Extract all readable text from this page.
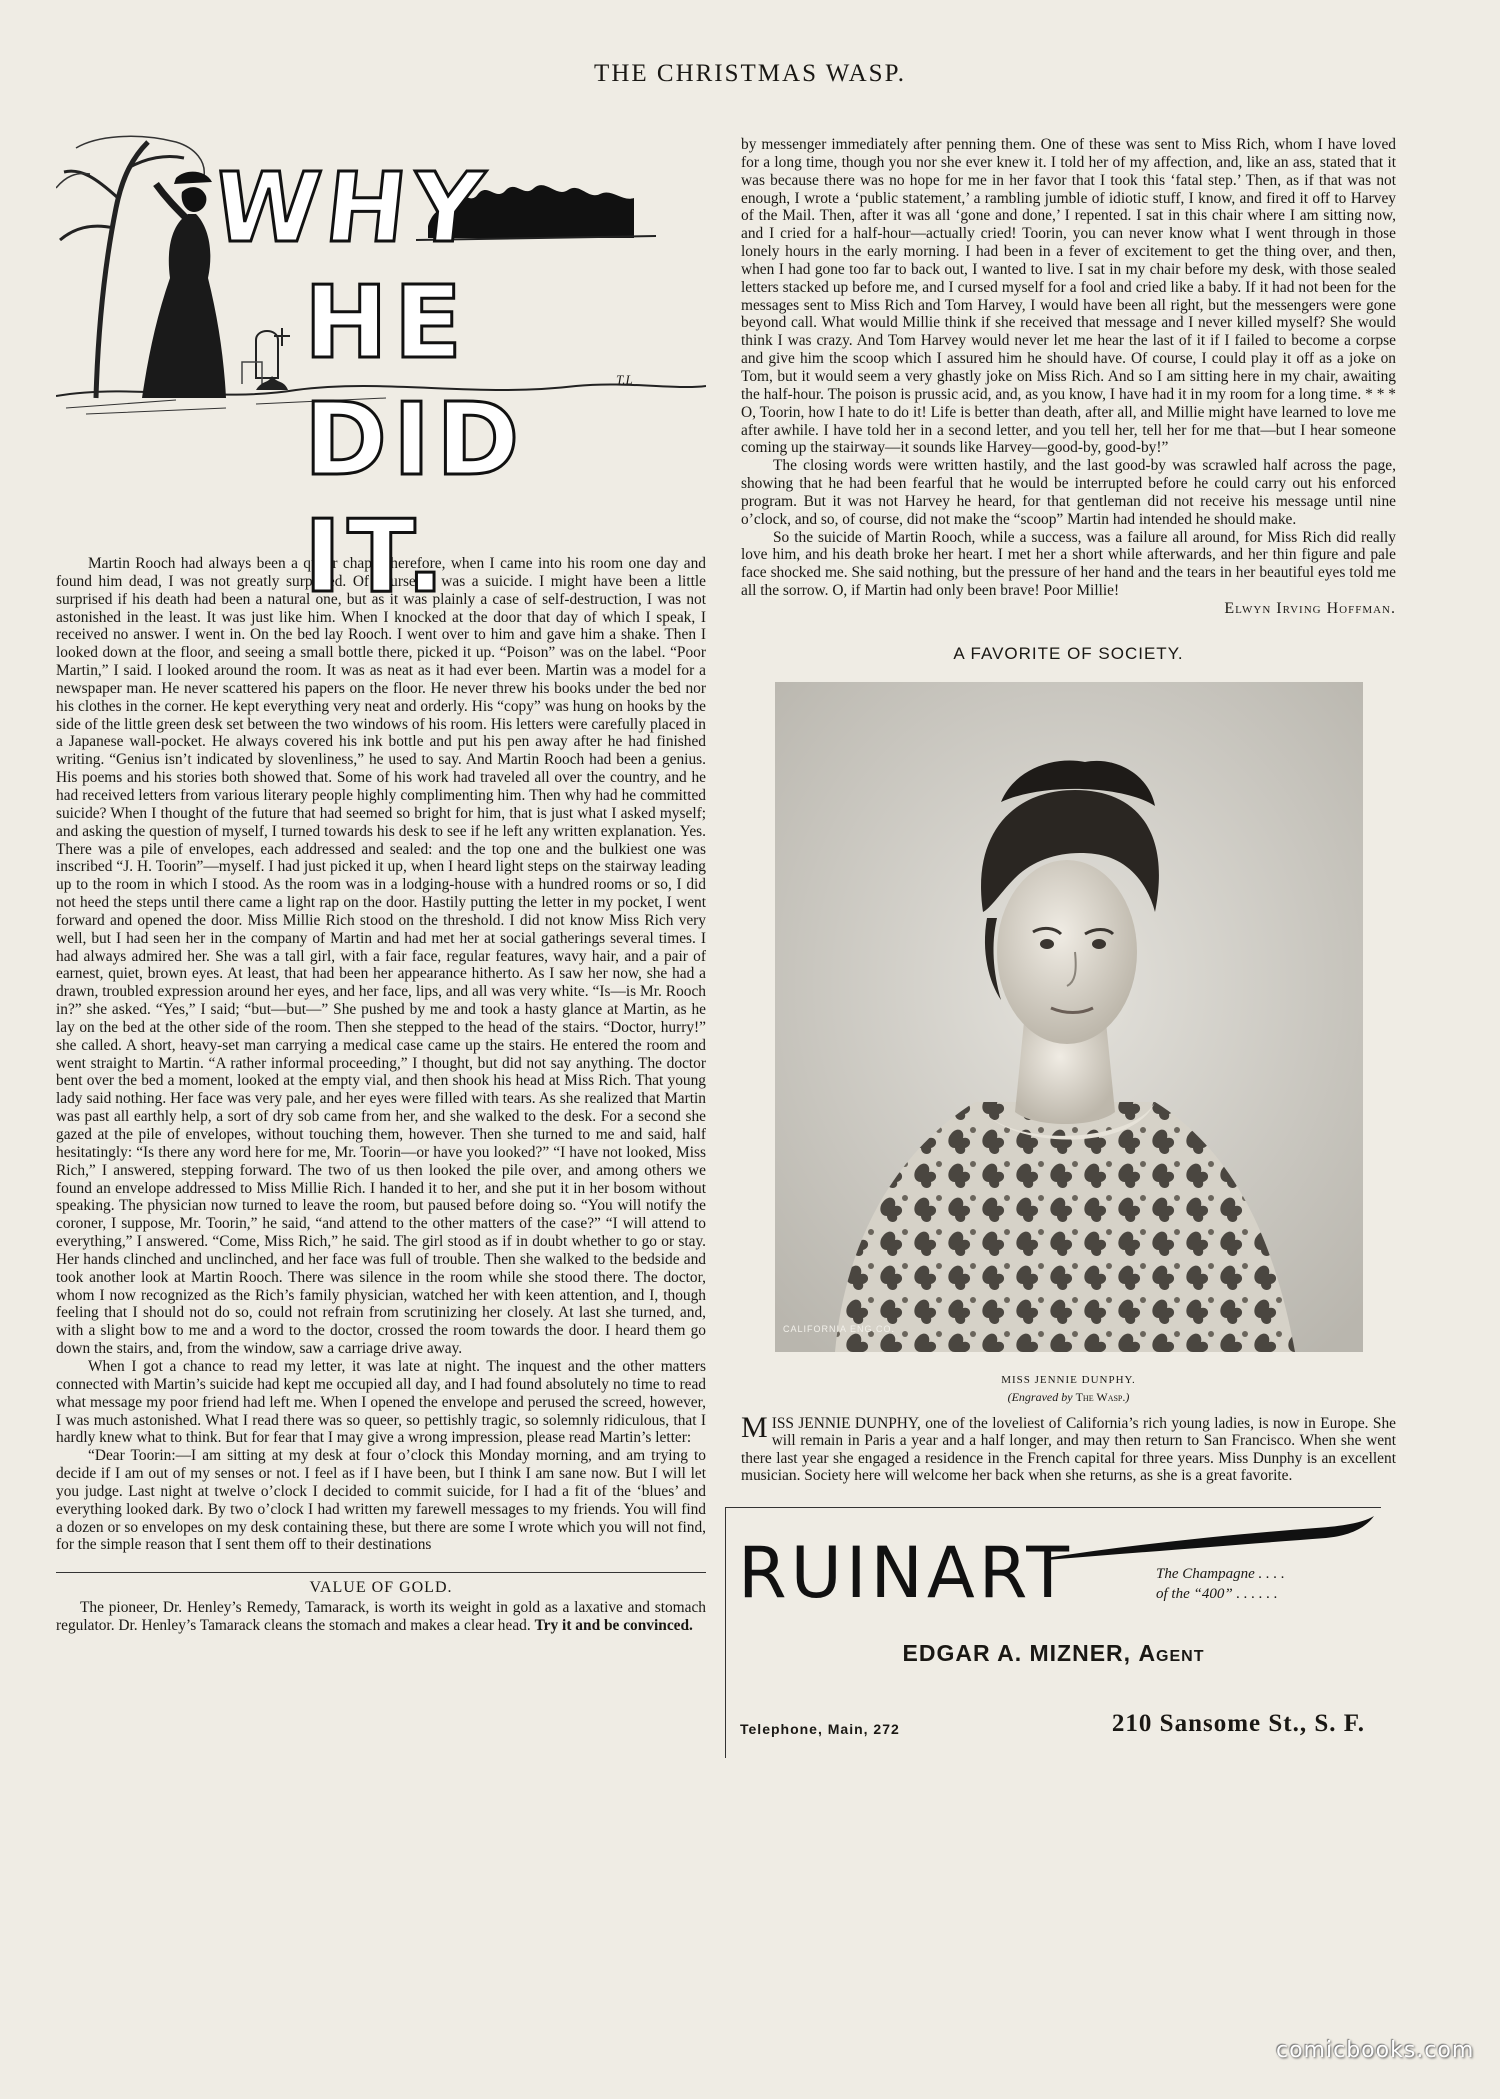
THE CHRISTMAS WASP.
WHY
HE DID IT.
T.L

Martin Rooch had always been a queer chap. Therefore, when I came into his room one day and found him dead, I was not greatly surprised. Of course, it was a suicide. I might have been a little surprised if his death had been a natural one, but as it was plainly a case of self-destruction, I was not astonished in the least. It was just like him. When I knocked at the door that day of which I speak, I received no answer. I went in. On the bed lay Rooch. I went over to him and gave him a shake. Then I looked down at the floor, and seeing a small bottle there, picked it up. “Poison” was on the label. “Poor Martin,” I said. I looked around the room. It was as neat as it had ever been. Martin was a model for a newspaper man. He never scattered his papers on the floor. He never threw his books under the bed nor his clothes in the corner. He kept everything very neat and orderly. His “copy” was hung on hooks by the side of the little green desk set between the two windows of his room. His letters were carefully placed in a Japanese wall-pocket. He always covered his ink bottle and put his pen away after he had finished writing. “Genius isn’t indicated by slovenliness,” he used to say. And Martin Rooch had been a genius. His poems and his stories both showed that. Some of his work had traveled all over the country, and he had received letters from various literary people highly complimenting him. Then why had he committed suicide? When I thought of the future that had seemed so bright for him, that is just what I asked myself; and asking the question of myself, I turned towards his desk to see if he left any written explanation. Yes. There was a pile of envelopes, each addressed and sealed: and the top one and the bulkiest one was inscribed “J. H. Toorin”—myself. I had just picked it up, when I heard light steps on the stairway leading up to the room in which I stood. As the room was in a lodging-house with a hundred rooms or so, I did not heed the steps until there came a light rap on the door. Hastily putting the letter in my pocket, I went forward and opened the door. Miss Millie Rich stood on the threshold. I did not know Miss Rich very well, but I had seen her in the company of Martin and had met her at social gatherings several times. I had always admired her. She was a tall girl, with a fair face, regular features, wavy hair, and a pair of earnest, quiet, brown eyes. At least, that had been her appearance hitherto. As I saw her now, she had a drawn, troubled expression around her eyes, and her face, lips, and all was very white. “Is—is Mr. Rooch in?” she asked. “Yes,” I said; “but—but—” She pushed by me and took a hasty glance at Martin, as he lay on the bed at the other side of the room. Then she stepped to the head of the stairs. “Doctor, hurry!” she called. A short, heavy-set man carrying a medical case came up the stairs. He entered the room and went straight to Martin. “A rather informal proceeding,” I thought, but did not say anything. The doctor bent over the bed a moment, looked at the empty vial, and then shook his head at Miss Rich. That young lady said nothing. Her face was very pale, and her eyes were filled with tears. As she realized that Martin was past all earthly help, a sort of dry sob came from her, and she walked to the desk. For a second she gazed at the pile of envelopes, without touching them, however. Then she turned to me and said, half hesitatingly: “Is there any word here for me, Mr. Toorin—or have you looked?” “I have not looked, Miss Rich,” I answered, stepping forward. The two of us then looked the pile over, and among others we found an envelope addressed to Miss Millie Rich. I handed it to her, and she put it in her bosom without speaking. The physician now turned to leave the room, but paused before doing so. “You will notify the coroner, I suppose, Mr. Toorin,” he said, “and attend to the other matters of the case?” “I will attend to everything,” I answered. “Come, Miss Rich,” he said. The girl stood as if in doubt whether to go or stay. Her hands clinched and unclinched, and her face was full of trouble. Then she walked to the bedside and took another look at Martin Rooch. There was silence in the room while she stood there. The doctor, whom I now recognized as the Rich’s family physician, watched her with keen attention, and I, though feeling that I should not do so, could not refrain from scrutinizing her closely. At last she turned, and, with a slight bow to me and a word to the doctor, crossed the room towards the door. I heard them go down the stairs, and, from the window, saw a carriage drive away.

When I got a chance to read my letter, it was late at night. The inquest and the other matters connected with Martin’s suicide had kept me occupied all day, and I had found absolutely no time to read what message my poor friend had left me. When I opened the envelope and perused the screed, however, I was much astonished. What I read there was so queer, so pettishly tragic, so solemnly ridiculous, that I hardly knew what to think. But for fear that I may give a wrong impression, please read Martin’s letter:

“Dear Toorin:—I am sitting at my desk at four o’clock this Monday morning, and am trying to decide if I am out of my senses or not. I feel as if I have been, but I think I am sane now. But I will let you judge. Last night at twelve o’clock I decided to commit suicide, for I had a fit of the ‘blues’ and everything looked dark. By two o’clock I had written my farewell messages to my friends. You will find a dozen or so envelopes on my desk containing these, but there are some I wrote which you will not find, for the simple reason that I sent them off to their destinations

VALUE OF GOLD.

The pioneer, Dr. Henley’s Remedy, Tamarack, is worth its weight in gold as a laxative and stomach regulator. Dr. Henley’s Tamarack cleans the stomach and makes a clear head. Try it and be convinced.

by messenger immediately after penning them. One of these was sent to Miss Rich, whom I have loved for a long time, though you nor she ever knew it. I told her of my affection, and, like an ass, stated that it was because there was no hope for me in her favor that I took this ‘fatal step.’ Then, as if that was not enough, I wrote a ‘public statement,’ a rambling jumble of idiotic stuff, I know, and fired it off to Harvey of the Mail. Then, after it was all ‘gone and done,’ I repented. I sat in this chair where I am sitting now, and I cried for a half-hour—actually cried! Toorin, you can never know what I went through in those lonely hours in the early morning. I had been in a fever of excitement to get the thing over, and then, when I had gone too far to back out, I wanted to live. I sat in my chair before my desk, with those sealed letters stacked up before me, and I cursed myself for a fool and cried like a baby. If it had not been for the messages sent to Miss Rich and Tom Harvey, I would have been all right, but the messengers were gone beyond call. What would Millie think if she received that message and I never killed myself? She would think I was crazy. And Tom Harvey would never let me hear the last of it if I failed to become a corpse and give him the scoop which I assured him he should have. Of course, I could play it off as a joke on Tom, but it would seem a very ghastly joke on Miss Rich. And so I am sitting here in my chair, awaiting the half-hour. The poison is prussic acid, and, as you know, I have had it in my room for a long time. * * * O, Toorin, how I hate to do it! Life is better than death, after all, and Millie might have learned to love me after awhile. I have told her in a second letter, and you tell her, tell her for me that—but I hear someone coming up the stairway—it sounds like Harvey—good-by, good-by!”

The closing words were written hastily, and the last good-by was scrawled half across the page, showing that he had been fearful that he would be interrupted before he could carry out his enforced program. But it was not Harvey he heard, for that gentleman did not receive his message until nine o’clock, and so, of course, did not make the “scoop” Martin had intended he should make.

So the suicide of Martin Rooch, while a success, was a failure all around, for Miss Rich did really love him, and his death broke her heart. I met her a short while afterwards, and her thin figure and pale face shocked me. She said nothing, but the pressure of her hand and the tears in her beautiful eyes told me all the sorrow. O, if Martin had only been brave! Poor Millie!

Elwyn Irving Hoffman.
A FAVORITE OF SOCIETY.
CALIFORNIA ENG.CO.
MISS JENNIE DUNPHY.
(Engraved by The Wasp.)

MISS JENNIE DUNPHY, one of the loveliest of California’s rich young ladies, is now in Europe. She will remain in Paris a year and a half longer, and may then return to San Francisco. When she went there last year she engaged a residence in the French capital for three years. Miss Dunphy is an excellent musician. Society here will welcome her back when she returns, as she is a great favorite.

RUINART	The Champagne . . . .
of the “400” . . . . . .
EDGAR A. MIZNER, Agent
Telephone, Main, 272	210 Sansome St., S. F.
comicbooks.com
